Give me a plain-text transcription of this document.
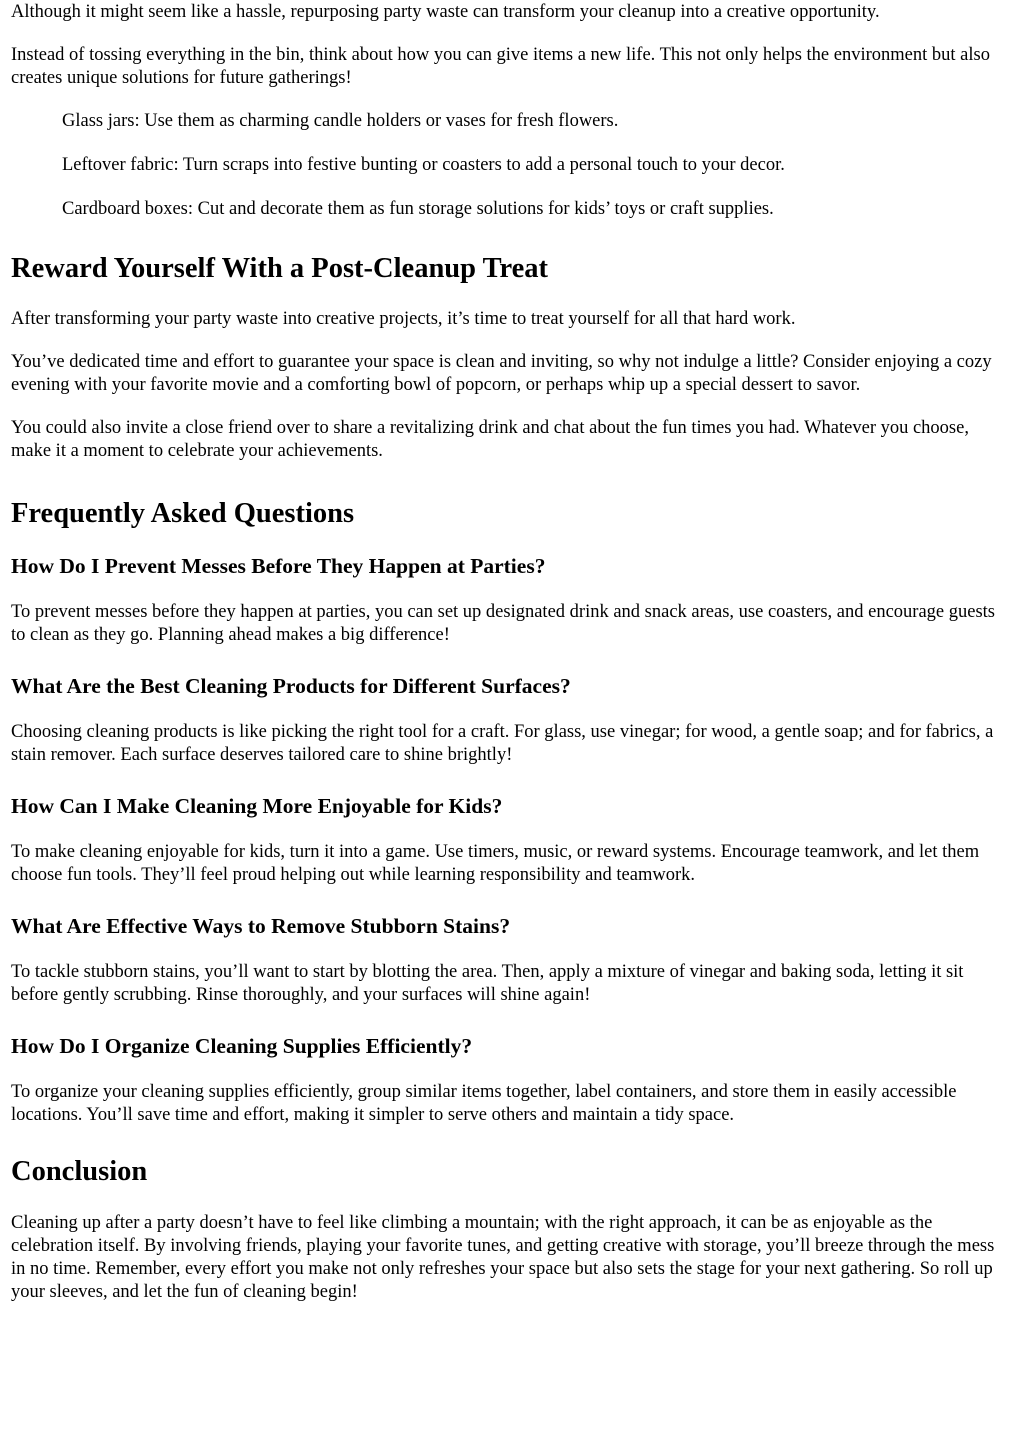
Although it might seem like a hassle, repurposing party waste can transform your cleanup into a creative opportunity.

Instead of tossing everything in the bin, think about how you can give items a new life. This not only helps the environment but also creates unique solutions for future gatherings!

Glass jars: Use them as charming candle holders or vases for fresh flowers.
Leftover fabric: Turn scraps into festive bunting or coasters to add a personal touch to your decor.
Cardboard boxes: Cut and decorate them as fun storage solutions for kids’ toys or craft supplies.
Reward Yourself With a Post-Cleanup Treat

After transforming your party waste into creative projects, it’s time to treat yourself for all that hard work.

You’ve dedicated time and effort to guarantee your space is clean and inviting, so why not indulge a little? Consider enjoying a cozy evening with your favorite movie and a comforting bowl of popcorn, or perhaps whip up a special dessert to savor.

You could also invite a close friend over to share a revitalizing drink and chat about the fun times you had. Whatever you choose, make it a moment to celebrate your achievements.

Frequently Asked Questions
How Do I Prevent Messes Before They Happen at Parties?

To prevent messes before they happen at parties, you can set up designated drink and snack areas, use coasters, and encourage guests to clean as they go. Planning ahead makes a big difference!

What Are the Best Cleaning Products for Different Surfaces?

Choosing cleaning products is like picking the right tool for a craft. For glass, use vinegar; for wood, a gentle soap; and for fabrics, a stain remover. Each surface deserves tailored care to shine brightly!

How Can I Make Cleaning More Enjoyable for Kids?

To make cleaning enjoyable for kids, turn it into a game. Use timers, music, or reward systems. Encourage teamwork, and let them choose fun tools. They’ll feel proud helping out while learning responsibility and teamwork.

What Are Effective Ways to Remove Stubborn Stains?

To tackle stubborn stains, you’ll want to start by blotting the area. Then, apply a mixture of vinegar and baking soda, letting it sit before gently scrubbing. Rinse thoroughly, and your surfaces will shine again!

How Do I Organize Cleaning Supplies Efficiently?

To organize your cleaning supplies efficiently, group similar items together, label containers, and store them in easily accessible locations. You’ll save time and effort, making it simpler to serve others and maintain a tidy space.

Conclusion

Cleaning up after a party doesn’t have to feel like climbing a mountain; with the right approach, it can be as enjoyable as the celebration itself. By involving friends, playing your favorite tunes, and getting creative with storage, you’ll breeze through the mess in no time. Remember, every effort you make not only refreshes your space but also sets the stage for your next gathering. So roll up your sleeves, and let the fun of cleaning begin!
